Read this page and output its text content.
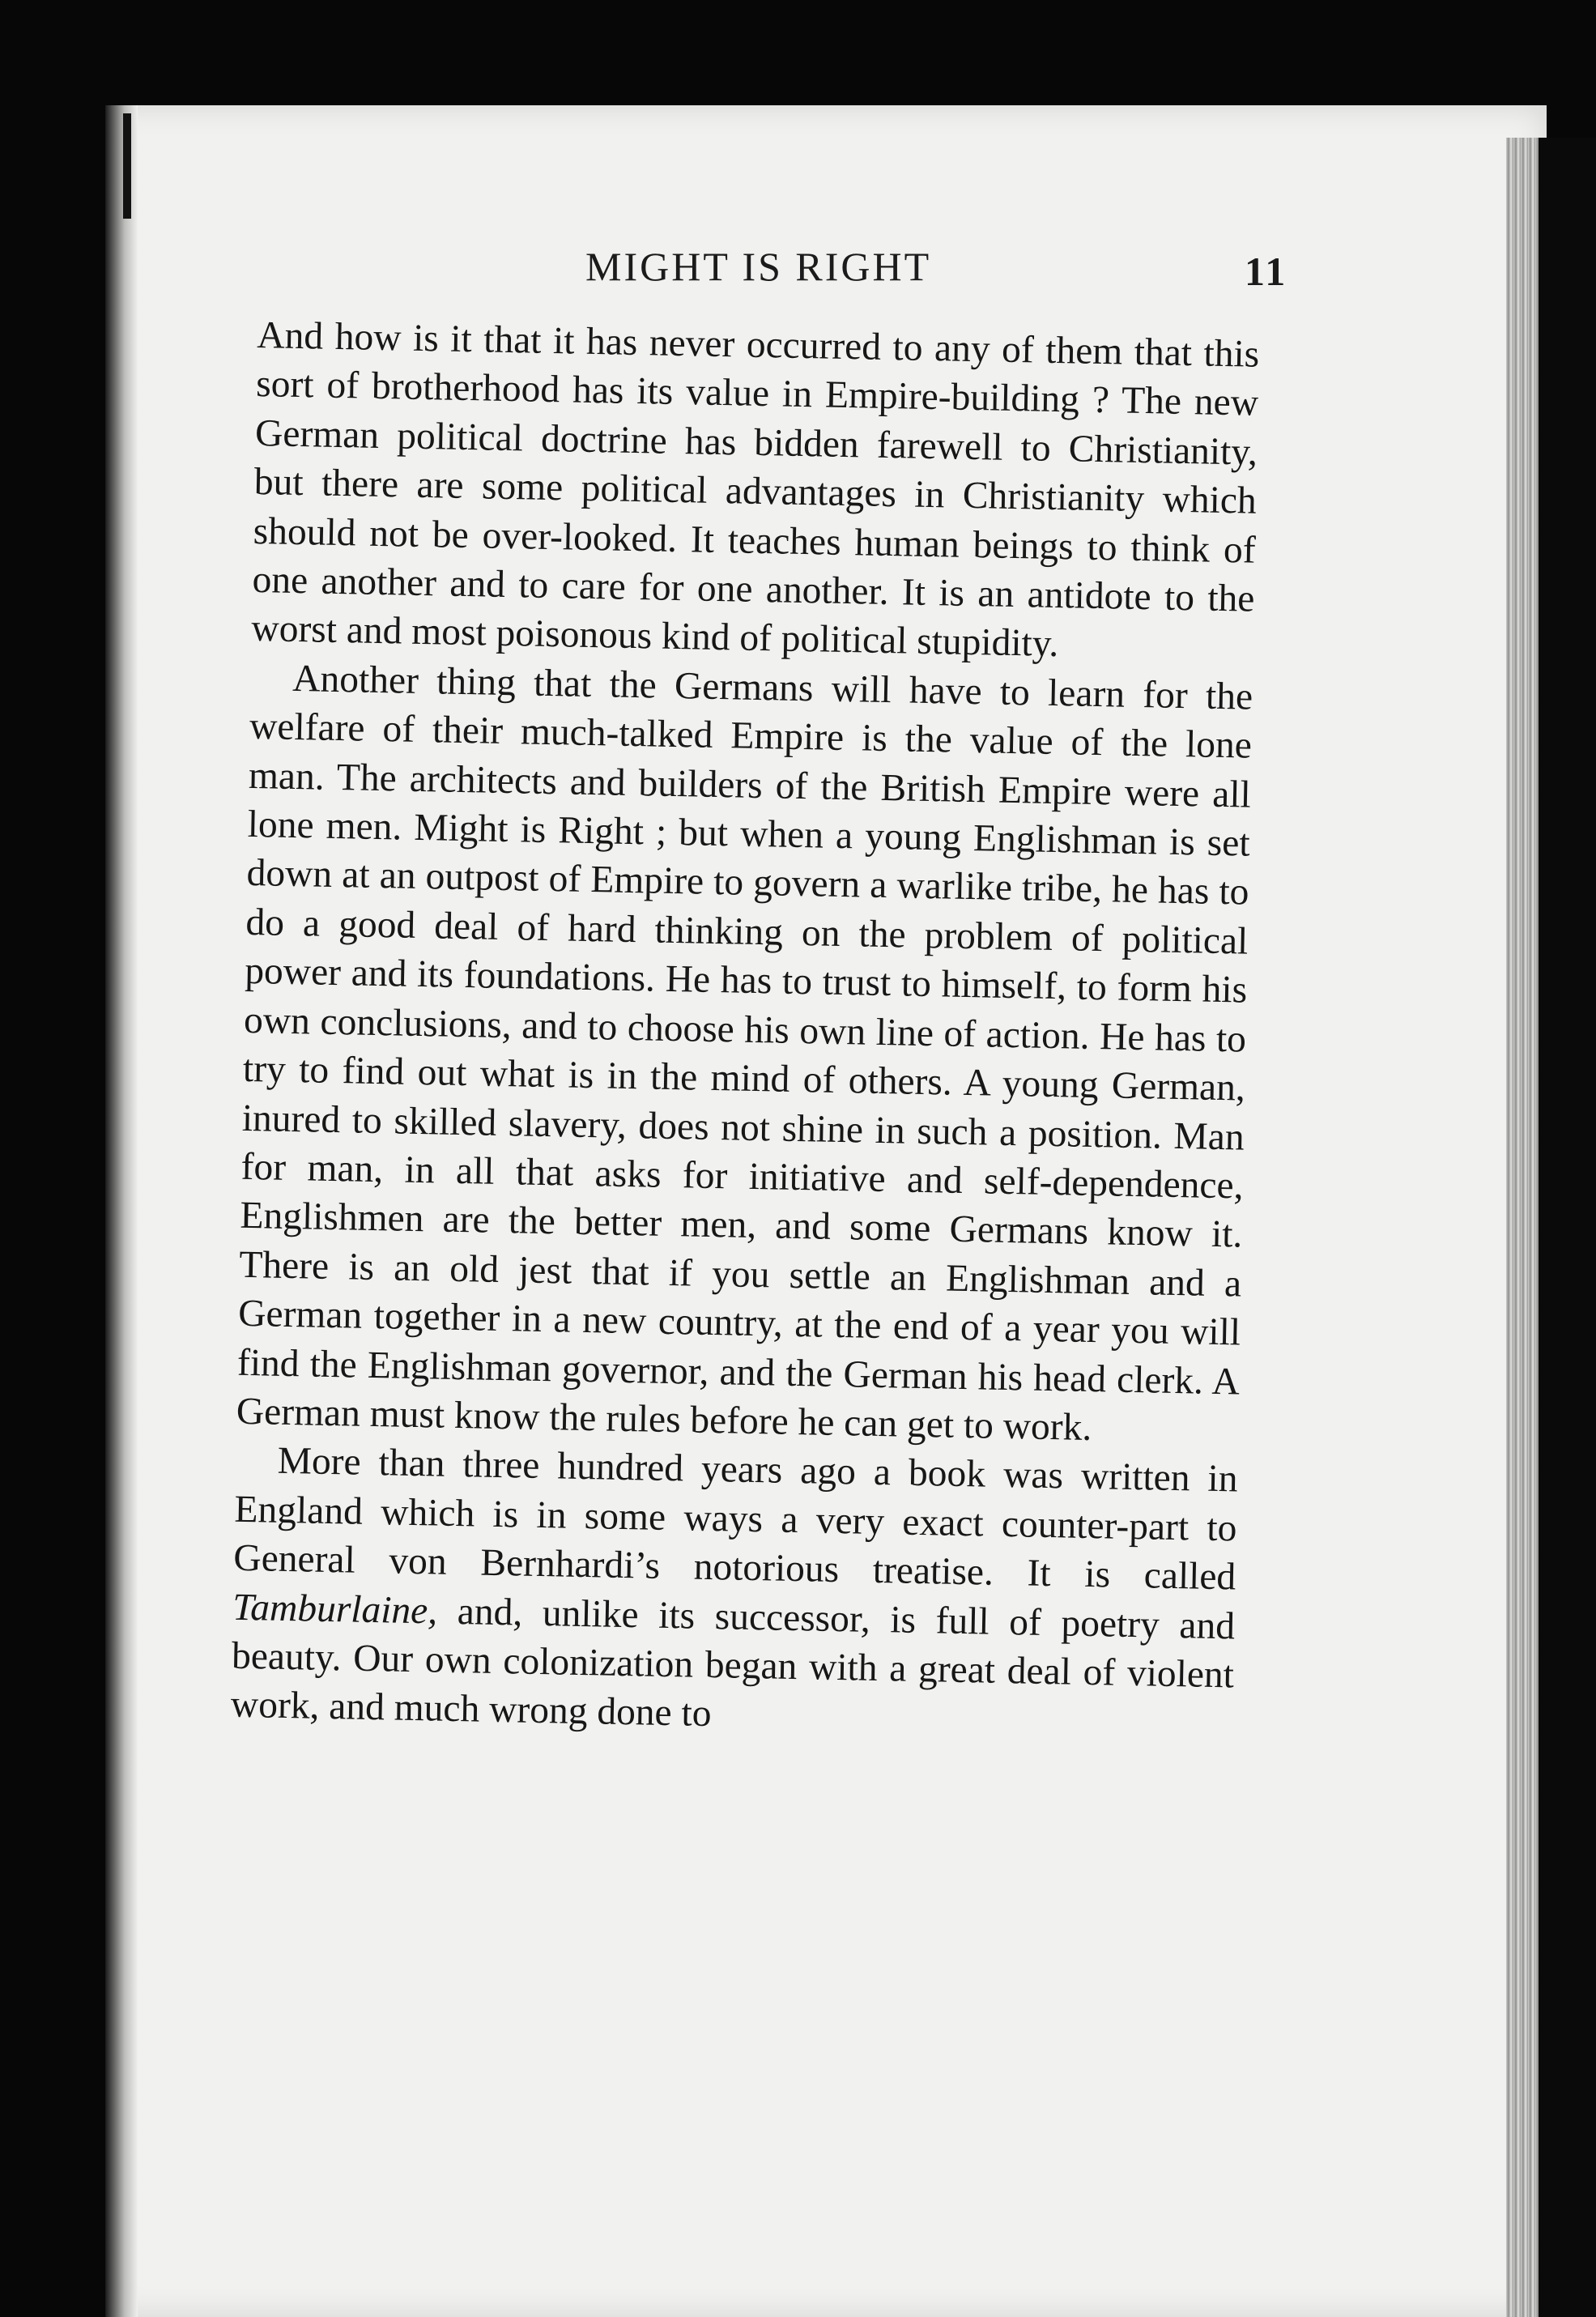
MIGHT IS RIGHT	11

And how is it that it has never occurred to any of them that this sort of brotherhood has its value in Empire-building ? The new German political doctrine has bidden farewell to Christianity, but there are some political advantages in Christianity which should not be over-looked. It teaches human beings to think of one another and to care for one another. It is an antidote to the worst and most poisonous kind of political stupidity.

Another thing that the Germans will have to learn for the welfare of their much-talked Empire is the value of the lone man. The architects and builders of the British Empire were all lone men. Might is Right ; but when a young Englishman is set down at an outpost of Empire to govern a warlike tribe, he has to do a good deal of hard thinking on the problem of political power and its foundations. He has to trust to himself, to form his own conclusions, and to choose his own line of action. He has to try to find out what is in the mind of others. A young German, inured to skilled slavery, does not shine in such a position. Man for man, in all that asks for initiative and self-dependence, Englishmen are the better men, and some Germans know it. There is an old jest that if you settle an Englishman and a German together in a new country, at the end of a year you will find the Englishman governor, and the German his head clerk. A German must know the rules before he can get to work.

More than three hundred years ago a book was written in England which is in some ways a very exact counter-part to General von Bernhardi’s notorious treatise. It is called Tamburlaine, and, unlike its successor, is full of poetry and beauty. Our own colonization began with a great deal of violent work, and much wrong done to
